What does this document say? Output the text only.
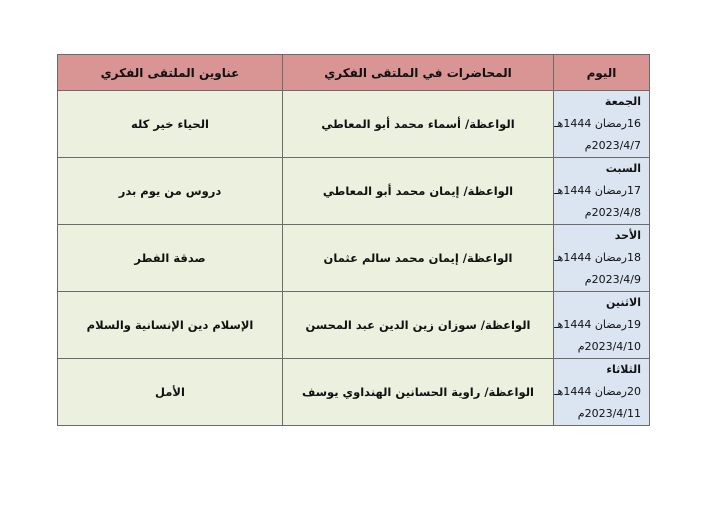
اليوم	المحاضرات في الملتقى الفكري	عناوين الملتقى الفكري

الجمعة
16رمضان 1444هـ
2023/4/7م	الواعظة/ أسماء محمد أبو المعاطي	الحياء خير كله

السبت
17رمضان 1444هـ
2023/4/8م	الواعظة/ إيمان محمد أبو المعاطي	دروس من يوم بدر

الأحد
18رمضان 1444هـ
2023/4/9م	الواعظة/ إيمان محمد سالم عثمان	صدقة الفطر

الاثنين
19رمضان 1444هـ
2023/4/10م	الواعظة/ سوزان زين الدين عبد المحسن	الإسلام دين الإنسانية والسلام

الثلاثاء
20رمضان 1444هـ
2023/4/11م	الواعظة/ راوية الحسانين الهنداوي يوسف	الأمل
